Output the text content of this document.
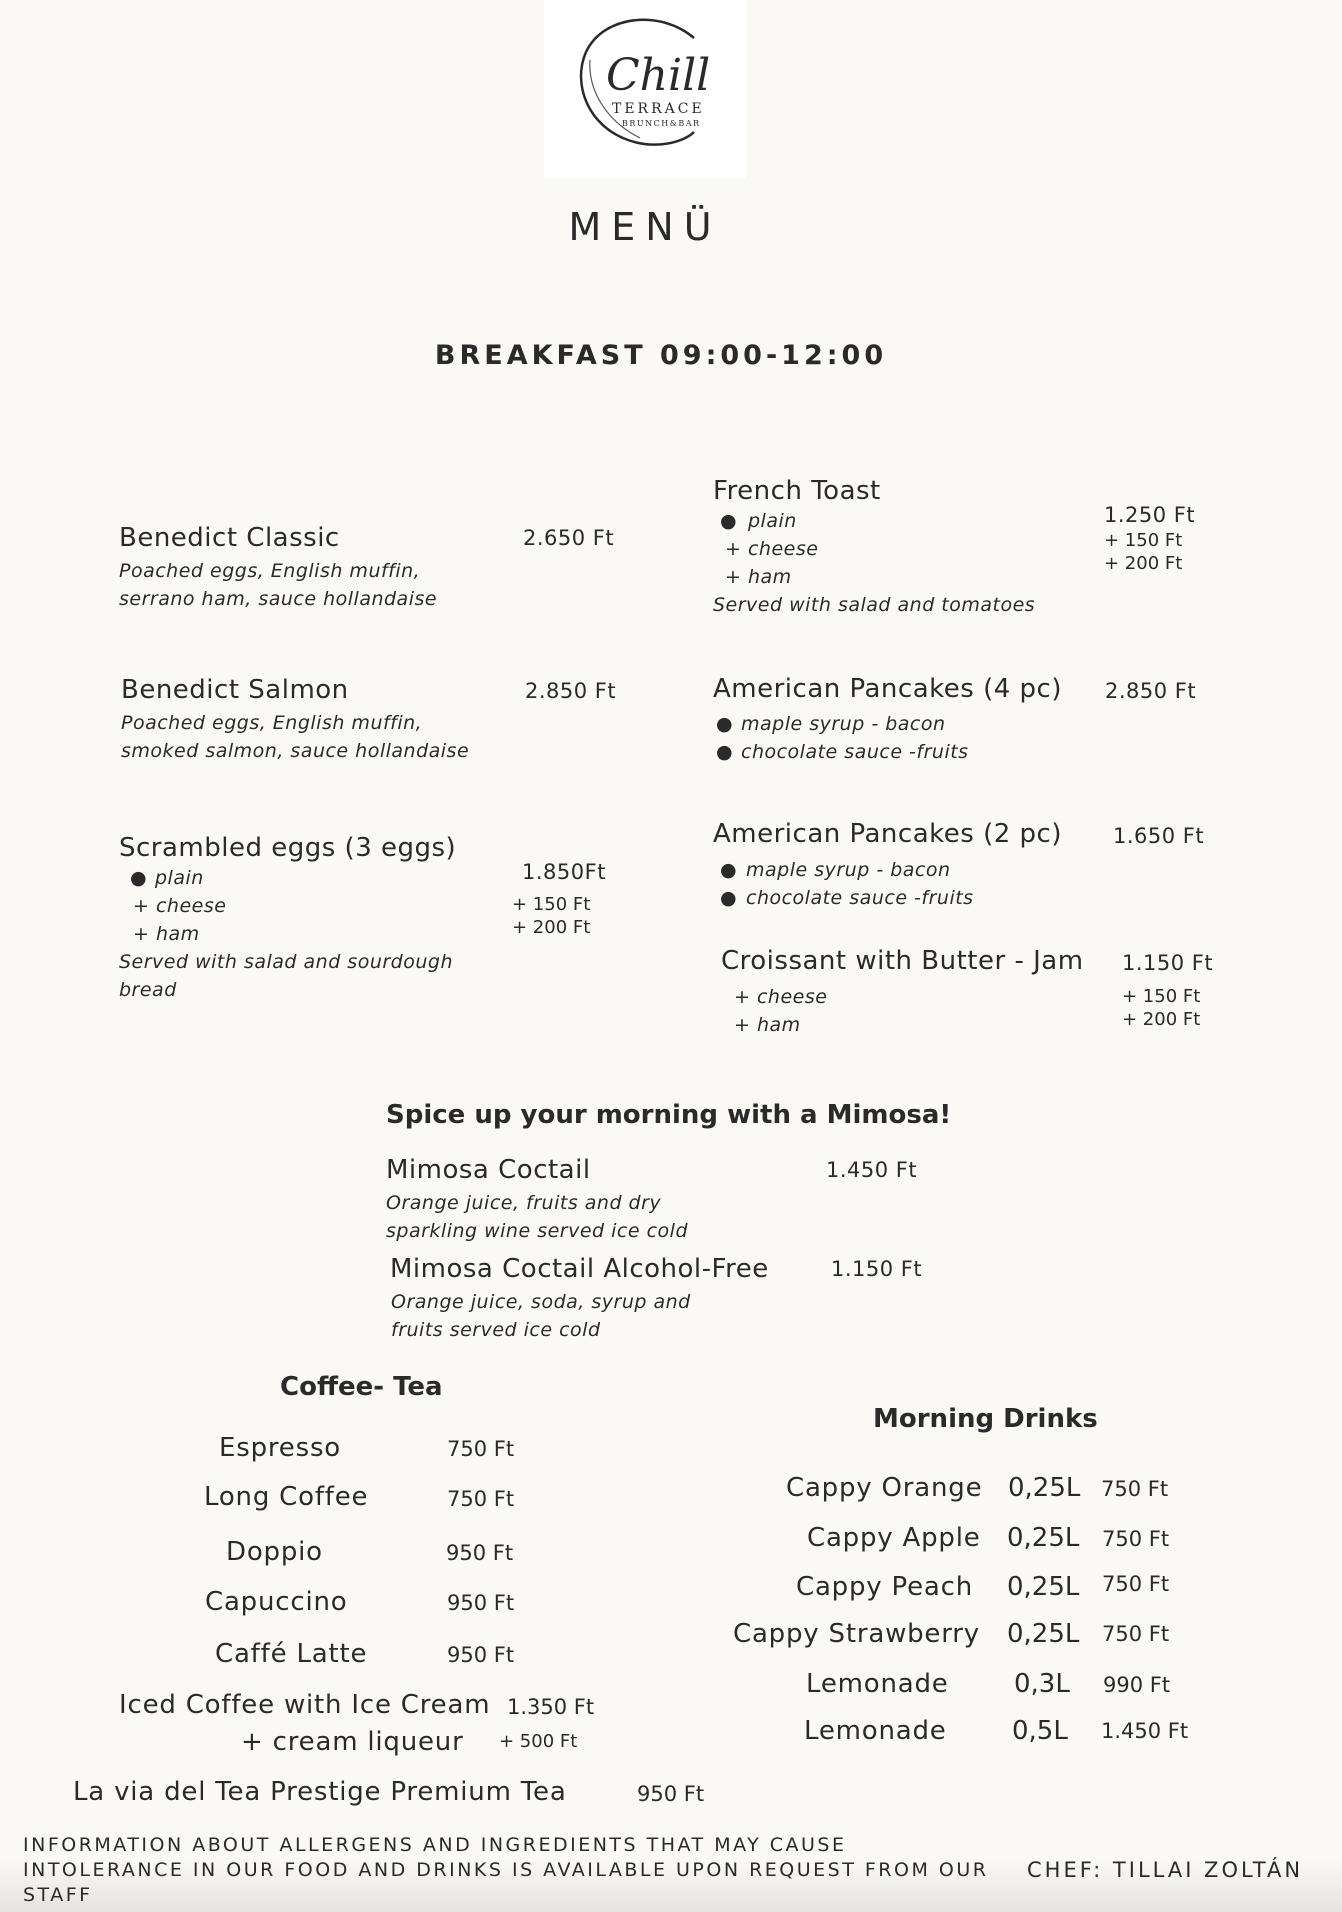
Chill
TERRACE
BRUNCH&BAR
MENÜ
BREAKFAST 09:00-12:00
Benedict Classic	2.650 Ft
Poached eggs, English muffin,
serrano ham, sauce hollandaise
Benedict Salmon	2.850 Ft
Poached eggs, English muffin,
smoked salmon, sauce hollandaise
Scrambled eggs (3 eggs)
1.850Ft
● plain
+ cheese
+ ham
+ 150 Ft
+ 200 Ft
Served with salad and sourdough
bread
French Toast
1.250 Ft
● plain
+ cheese
+ ham
+ 150 Ft
+ 200 Ft
Served with salad and tomatoes
American Pancakes (4 pc) 2.850 Ft
● maple syrup - bacon
● chocolate sauce -fruits
American Pancakes (2 pc) 1.650 Ft
● maple syrup - bacon
● chocolate sauce -fruits
Croissant with Butter - Jam 1.150 Ft
+ cheese
+ ham
+ 150 Ft
+ 200 Ft
Spice up your morning with a Mimosa!
Mimosa Coctail	1.450 Ft
Orange juice, fruits and dry
sparkling wine served ice cold
Mimosa Coctail Alcohol-Free	1.150 Ft
Orange juice, soda, syrup and
fruits served ice cold
Coffee- Tea
Espresso	750 Ft
Long Coffee	750 Ft
Doppio	950 Ft
Capuccino	950 Ft
Caffé Latte	950 Ft
Iced Coffee with Ice Cream 1.350 Ft
+ cream liqueur + 500 Ft
La via del Tea Prestige Premium Tea	950 Ft
Morning Drinks
Cappy Orange 0,25L 750 Ft
Cappy Apple 0,25L 750 Ft
Cappy Peach 0,25L 750 Ft
Cappy Strawberry 0,25L 750 Ft
Lemonade	0,3L 990 Ft
Lemonade	0,5L 1.450 Ft
INFORMATION ABOUT ALLERGENS AND INGREDIENTS THAT MAY CAUSE
INTOLERANCE IN OUR FOOD AND DRINKS IS AVAILABLE UPON REQUEST FROM OUR
STAFF
CHEF: TILLAI ZOLTÁN
